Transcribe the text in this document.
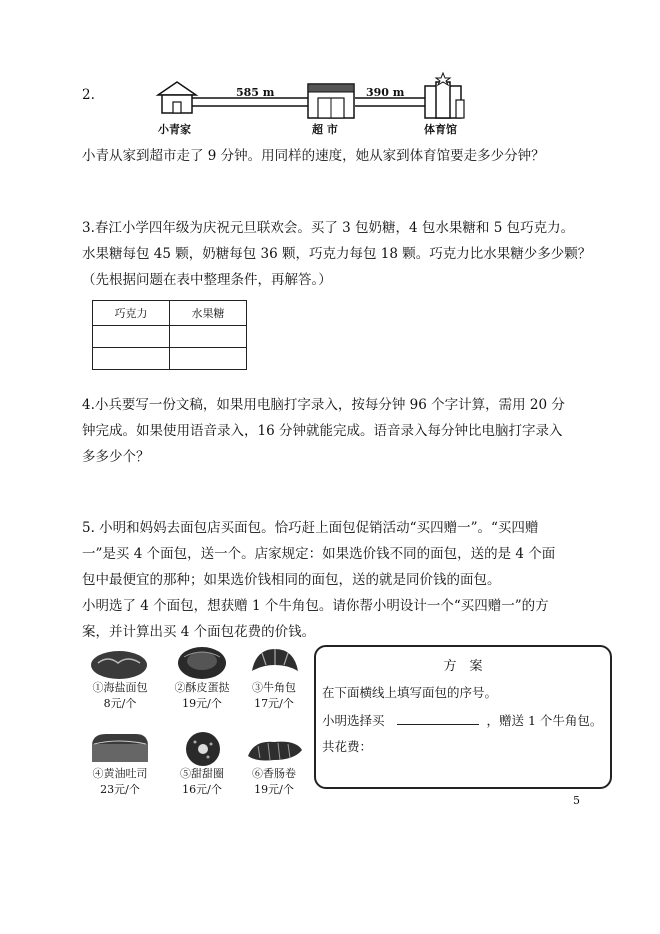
2.	585 m	390 m
小青家	超 市	体育馆
小青从家到超市走了 9 分钟。用同样的速度，她从家到体育馆要走多少分钟？
3.春江小学四年级为庆祝元旦联欢会。买了 3 包奶糖，4 包水果糖和 5 包巧克力。
水果糖每包 45 颗，奶糖每包 36 颗，巧克力每包 18 颗。巧克力比水果糖少多少颗？
（先根据问题在表中整理条件，再解答。）
巧克力	水果糖

4.小兵要写一份文稿，如果用电脑打字录入，按每分钟 96 个字计算，需用 20 分
钟完成。如果使用语音录入，16 分钟就能完成。语音录入每分钟比电脑打字录入
多多少个？
5. 小明和妈妈去面包店买面包。恰巧赶上面包促销活动“买四赠一”。“买四赠
一”是买 4 个面包，送一个。店家规定：如果选价钱不同的面包，送的是 4 个面
包中最便宜的那种；如果选价钱相同的面包，送的就是同价钱的面包。
小明选了 4 个面包，想获赠 1 个牛角包。请你帮小明设计一个“买四赠一”的方
案，并计算出买 4 个面包花费的价钱。
①海盐面包
8元/个
②酥皮蛋挞
19元/个
③牛角包
17元/个
④黄油吐司
23元/个
⑤甜甜圈
16元/个
⑥香肠卷
19元/个
方　案
在下面横线上填写面包的序号。
小明选择买	，赠送 1 个牛角包。
共花费：
5
